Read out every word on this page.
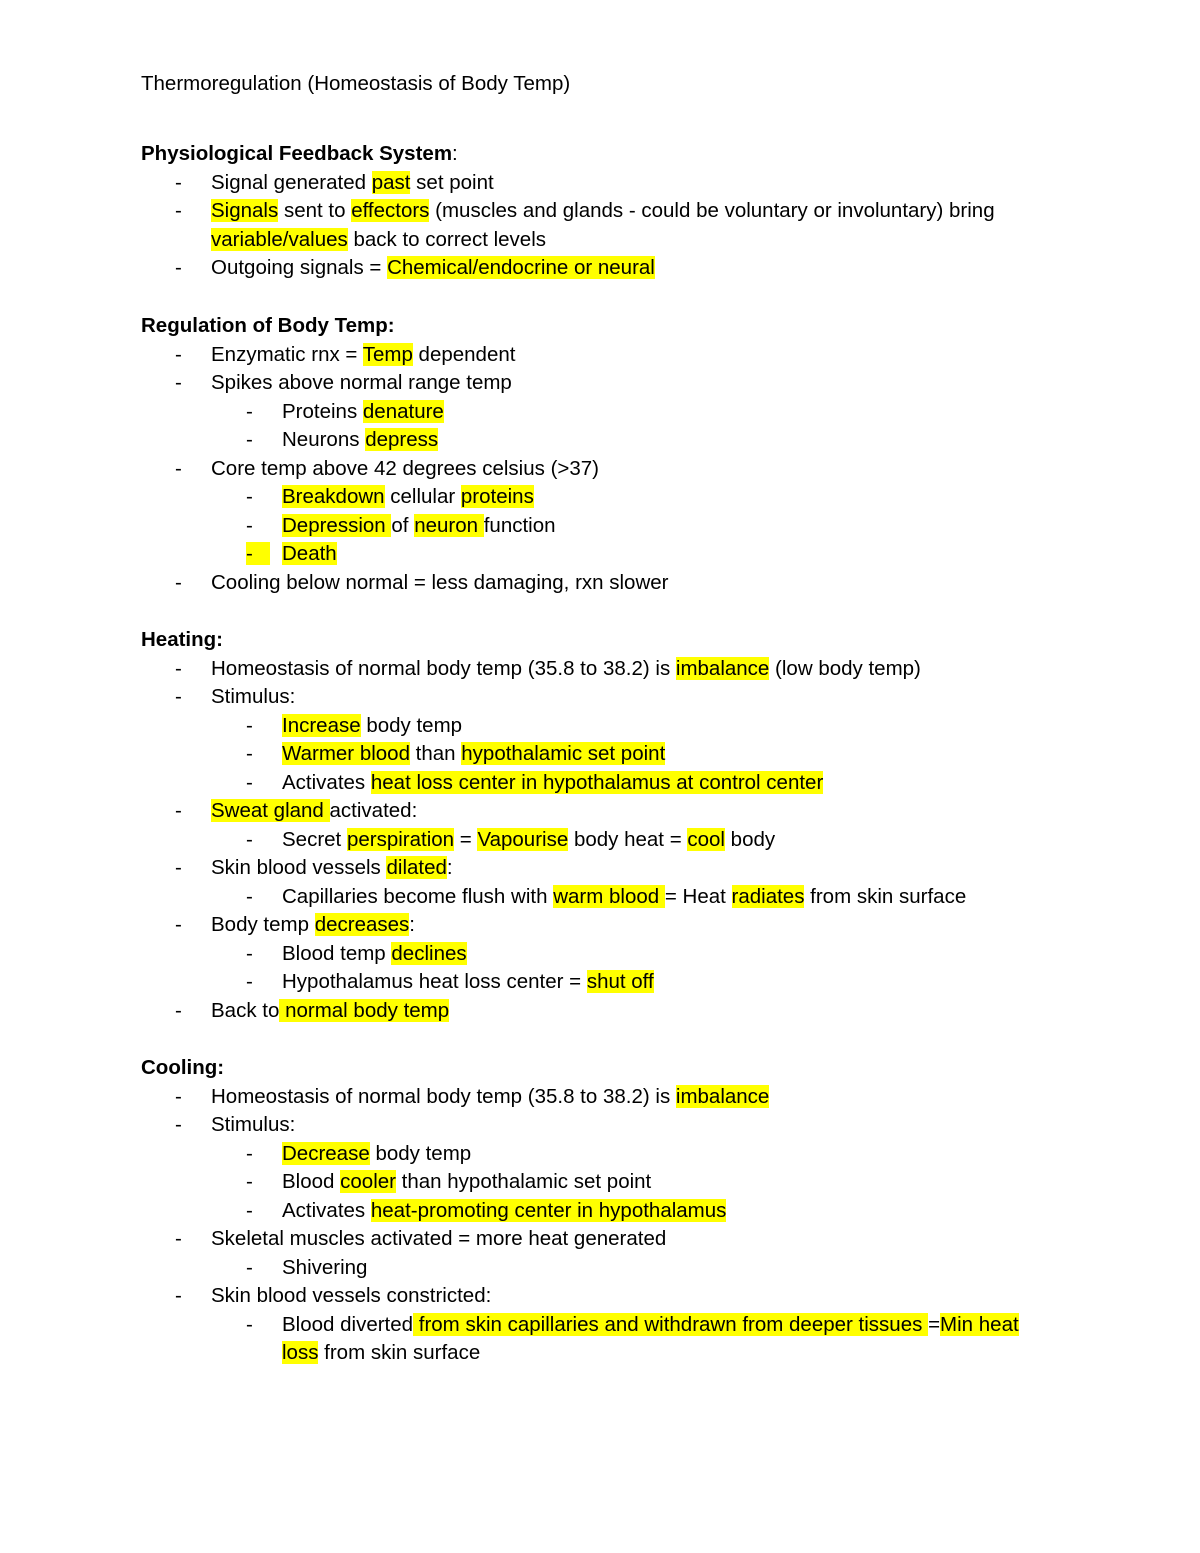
Thermoregulation (Homeostasis of Body Temp)
Physiological Feedback System:
- Signal generated past set point
- Signals sent to effectors (muscles and glands - could be voluntary or involuntary) bring
variable/values back to correct levels
- Outgoing signals = Chemical/endocrine or neural
Regulation of Body Temp:
- Enzymatic rnx = Temp dependent
- Spikes above normal range temp
- Proteins denature
- Neurons depress
- Core temp above 42 degrees celsius (>37)
- Breakdown cellular proteins
- Depression of neuron function
- Death
- Cooling below normal = less damaging, rxn slower
Heating:
- Homeostasis of normal body temp (35.8 to 38.2) is imbalance (low body temp)
- Stimulus:
- Increase body temp
- Warmer blood than hypothalamic set point
- Activates heat loss center in hypothalamus at control center
- Sweat gland activated:
- Secret perspiration = Vapourise body heat = cool body
- Skin blood vessels dilated:
- Capillaries become flush with warm blood = Heat radiates from skin surface
- Body temp decreases:
- Blood temp declines
- Hypothalamus heat loss center = shut off
- Back to normal body temp
Cooling:
- Homeostasis of normal body temp (35.8 to 38.2) is imbalance
- Stimulus:
- Decrease body temp
- Blood cooler than hypothalamic set point
- Activates heat-promoting center in hypothalamus
- Skeletal muscles activated = more heat generated
- Shivering
- Skin blood vessels constricted:
- Blood diverted from skin capillaries and withdrawn from deeper tissues =Min heat
loss from skin surface
